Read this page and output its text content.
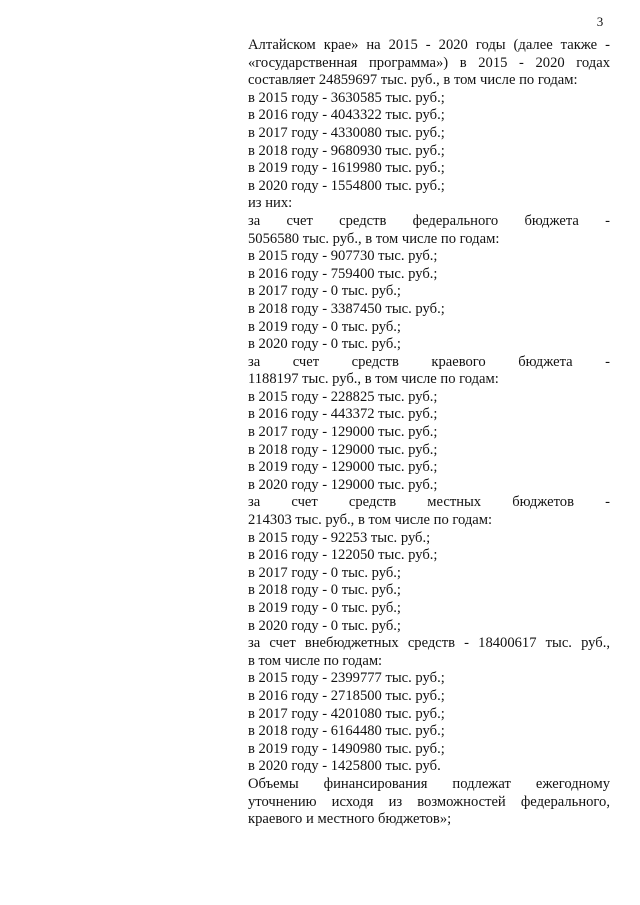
3
Алтайском крае» на 2015 - 2020 годы (далее также -
«государственная программа») в 2015 - 2020 годах
составляет 24859697 тыс. руб., в том числе по годам:
в 2015 году - 3630585 тыс. руб.;
в 2016 году - 4043322 тыс. руб.;
в 2017 году - 4330080 тыс. руб.;
в 2018 году - 9680930 тыс. руб.;
в 2019 году - 1619980 тыс. руб.;
в 2020 году - 1554800 тыс. руб.;
из них:
за счет средств федерального бюджета -
5056580 тыс. руб., в том числе по годам:
в 2015 году - 907730 тыс. руб.;
в 2016 году - 759400 тыс. руб.;
в 2017 году - 0 тыс. руб.;
в 2018 году - 3387450 тыс. руб.;
в 2019 году - 0 тыс. руб.;
в 2020 году - 0 тыс. руб.;
за счет средств краевого бюджета -
1188197 тыс. руб., в том числе по годам:
в 2015 году - 228825 тыс. руб.;
в 2016 году - 443372 тыс. руб.;
в 2017 году - 129000 тыс. руб.;
в 2018 году - 129000 тыс. руб.;
в 2019 году - 129000 тыс. руб.;
в 2020 году - 129000 тыс. руб.;
за счет средств местных бюджетов -
214303 тыс. руб., в том числе по годам:
в 2015 году - 92253 тыс. руб.;
в 2016 году - 122050 тыс. руб.;
в 2017 году - 0 тыс. руб.;
в 2018 году - 0 тыс. руб.;
в 2019 году - 0 тыс. руб.;
в 2020 году - 0 тыс. руб.;
за счет внебюджетных средств - 18400617 тыс. руб.,
в том числе по годам:
в 2015 году - 2399777 тыс. руб.;
в 2016 году - 2718500 тыс. руб.;
в 2017 году - 4201080 тыс. руб.;
в 2018 году - 6164480 тыс. руб.;
в 2019 году - 1490980 тыс. руб.;
в 2020 году - 1425800 тыс. руб.
Объемы финансирования подлежат ежегодному
уточнению исходя из возможностей федерального,
краевого и местного бюджетов»;
